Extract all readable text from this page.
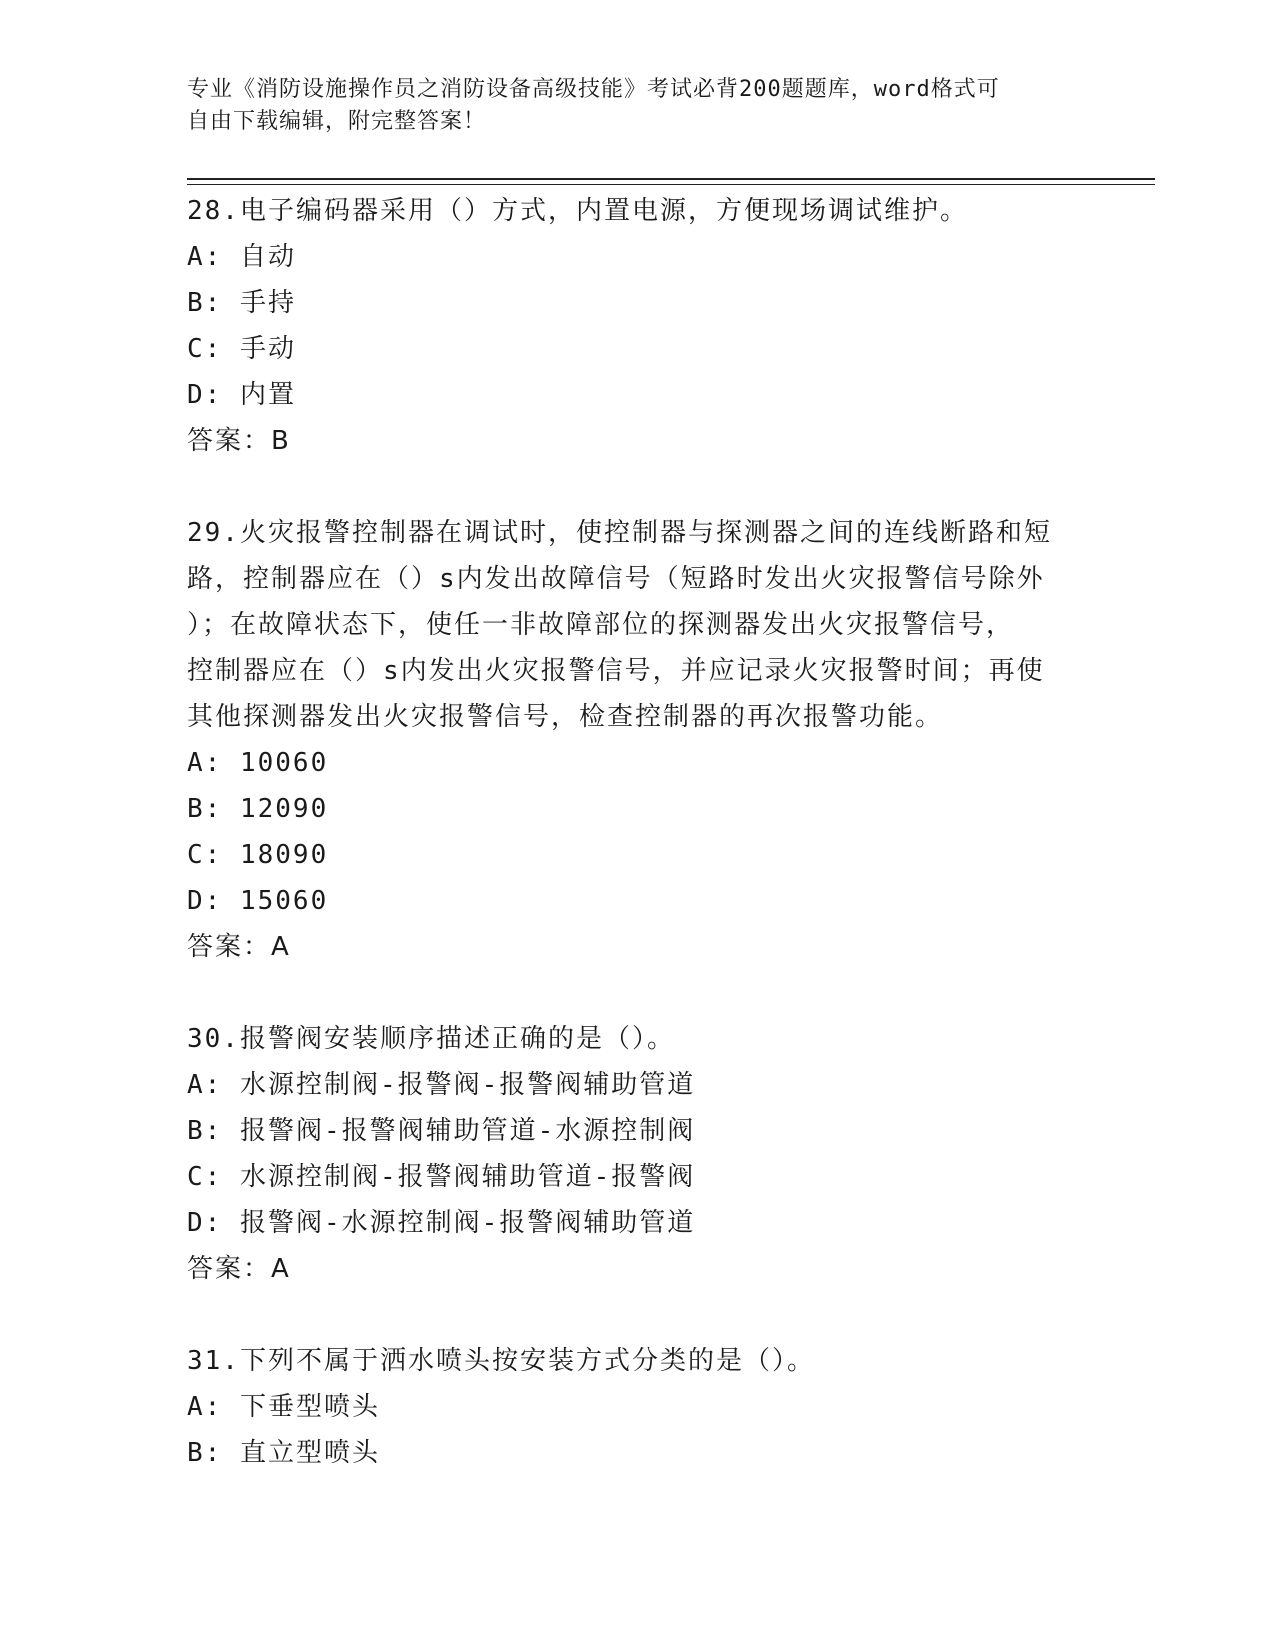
专业《消防设施操作员之消防设备高级技能》考试必背200题题库，word格式可
自由下载编辑，附完整答案！
28.电子编码器采用（）方式，内置电源，方便现场调试维护。
A: 自动
B: 手持
C: 手动
D: 内置
答案：B
29.火灾报警控制器在调试时，使控制器与探测器之间的连线断路和短
路，控制器应在（）s内发出故障信号（短路时发出火灾报警信号除外
）；在故障状态下，使任一非故障部位的探测器发出火灾报警信号，
控制器应在（）s内发出火灾报警信号，并应记录火灾报警时间；再使
其他探测器发出火灾报警信号，检查控制器的再次报警功能。
A: 10060
B: 12090
C: 18090
D: 15060
答案：A
30.报警阀安装顺序描述正确的是（）。
A: 水源控制阀-报警阀-报警阀辅助管道
B: 报警阀-报警阀辅助管道-水源控制阀
C: 水源控制阀-报警阀辅助管道-报警阀
D: 报警阀-水源控制阀-报警阀辅助管道
答案：A
31.下列不属于洒水喷头按安装方式分类的是（）。
A: 下垂型喷头
B: 直立型喷头
